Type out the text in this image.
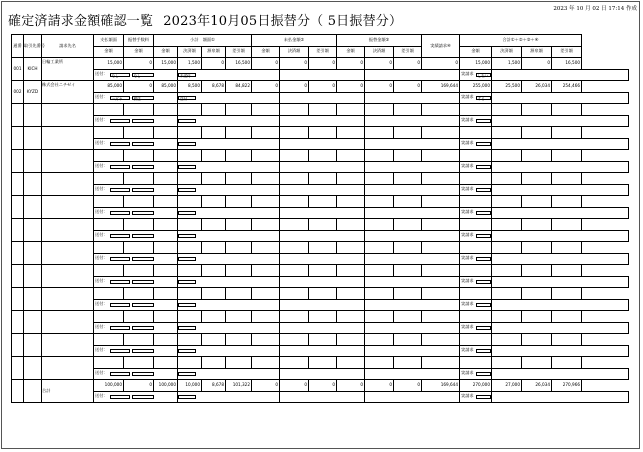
2023 年 10 月 02 日 17:14 作成
確定済請求金額確認一覧 2023年10月05日振替分（ 5日振替分）
通番	取引先番号	請求先名	支払額面	振替手数料	小計　額面①				未払金額②			振替金額③			実績請求④	合計①＋②＋③＋④			
			金額	金額	金額	決済額	源泉額	差引額	金額	決済額	差引額	金額	決済額	差引額		金額	決済額	源泉額	差引額
001	KICH	日輪工業所	15,000	0	15,000	1,500	0	16,500	0	0	0	0	0	0	0	15,000	1,500	0	16,500

			送付： なし なし			未送付										実請求 しない			

002	KYZD	株式会社ニチゼイ	85,000	0	85,000	8,500	8,678	84,822	0	0	0	0	0	0	169,644	255,000	25,500	26,034	254,466

			送付： ハガキ 郵送			送付										実請求 する			

			送付：													実請求			

			送付：													実請求			

			送付：													実請求			

			送付：													実請求			

			送付：													実請求			

			送付：													実請求			

			送付：													実請求			

			送付：													実請求			

			送付：													実請求			

			送付：													実請求			

			送付：													実請求			

			送付：													実請求			

		合計	100,000	0	100,000	10,000	8,678	101,322	0	0	0	0	0	0	169,644	270,000	27,000	26,034	270,966

			送付：													実請求			
